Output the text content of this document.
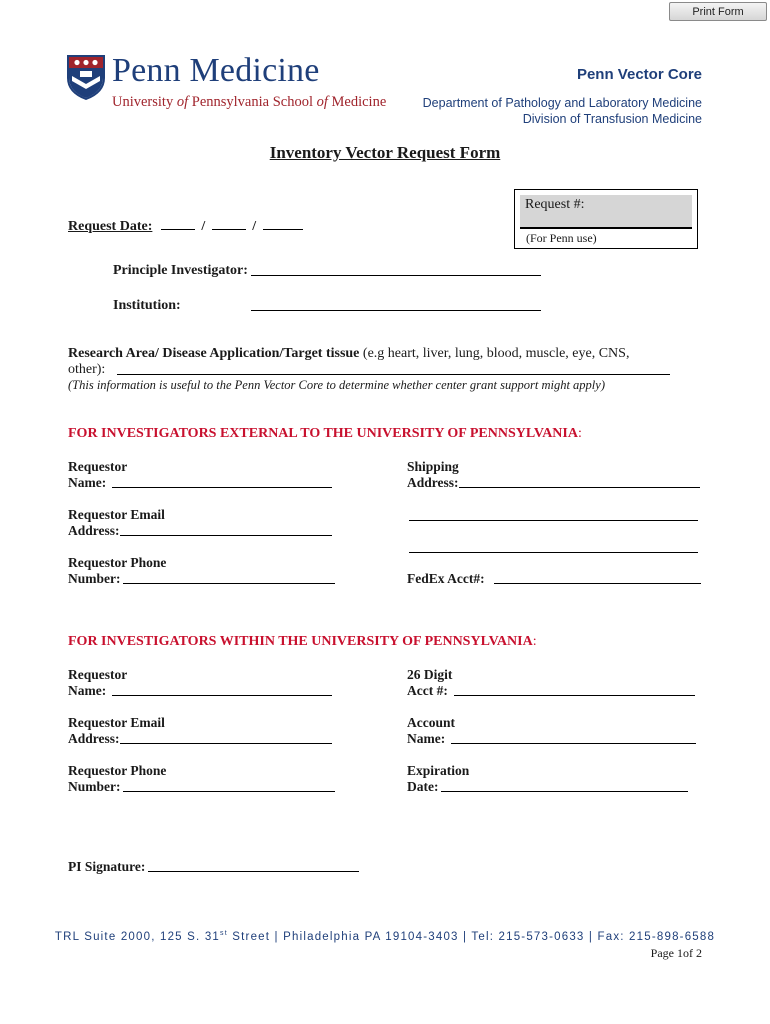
Print Form
Penn Medicine
University of Pennsylvania School of Medicine
Penn Vector Core
Department of Pathology and Laboratory Medicine
Division of Transfusion Medicine
Inventory Vector Request Form
Request #:
(For Penn use)
Request Date:	/	/
Principle Investigator:
Institution:
Research Area/ Disease Application/Target tissue (e.g heart, liver, lung, blood, muscle, eye, CNS,
other):
(This information is useful to the Penn Vector Core to determine whether center grant support might apply)
FOR INVESTIGATORS EXTERNAL TO THE UNIVERSITY OF PENNSYLVANIA:
Requestor
Name:
Requestor Email
Address:
Requestor Phone
Number:
Shipping
Address:
FedEx Acct#:
FOR INVESTIGATORS WITHIN THE UNIVERSITY OF PENNSYLVANIA:
Requestor
Name:
Requestor Email
Address:
Requestor Phone
Number:
26 Digit
Acct #:
Account
Name:
Expiration
Date:
PI Signature:
TRL Suite 2000, 125 S. 31st Street | Philadelphia PA 19104-3403 | Tel: 215-573-0633 | Fax: 215-898-6588
Page 1of 2
